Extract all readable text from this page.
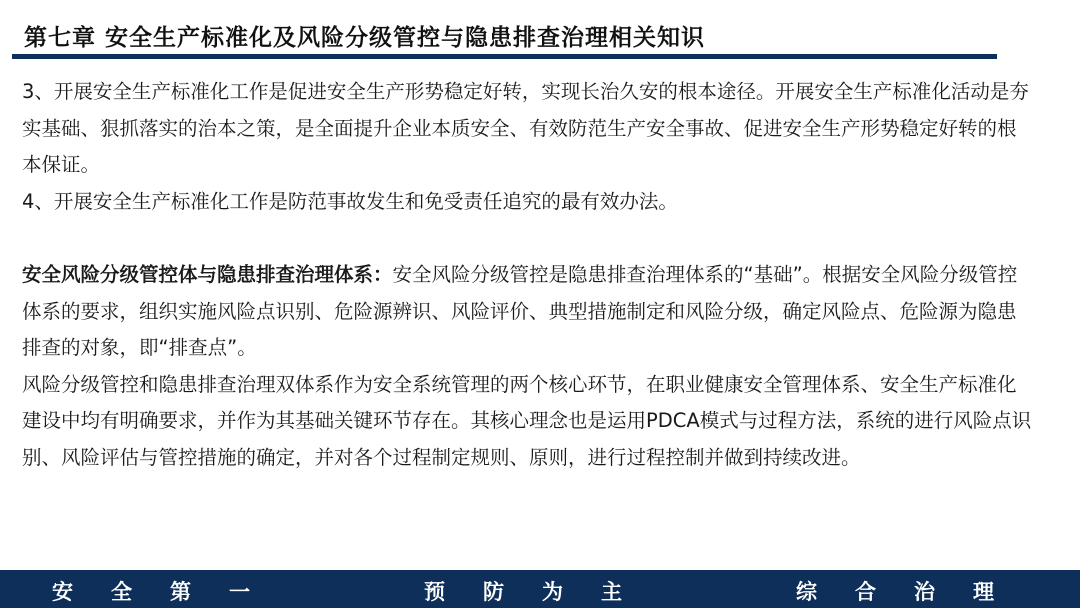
第七章 安全生产标准化及风险分级管控与隐患排查治理相关知识

3、开展安全生产标准化工作是促进安全生产形势稳定好转，实现长治久安的根本途径。开展安全生产标准化活动是夯实基础、狠抓落实的治本之策，是全面提升企业本质安全、有效防范生产安全事故、促进安全生产形势稳定好转的根本保证。

4、开展安全生产标准化工作是防范事故发生和免受责任追究的最有效办法。

安全风险分级管控体与隐患排查治理体系：安全风险分级管控是隐患排查治理体系的“基础”。根据安全风险分级管控体系的要求，组织实施风险点识别、危险源辨识、风险评价、典型措施制定和风险分级，确定风险点、危险源为隐患排查的对象，即“排查点”。

风险分级管控和隐患排查治理双体系作为安全系统管理的两个核心环节，在职业健康安全管理体系、安全生产标准化建设中均有明确要求，并作为其基础关键环节存在。其核心理念也是运用PDCA模式与过程方法，系统的进行风险点识别、风险评估与管控措施的确定，并对各个过程制定规则、原则，进行过程控制并做到持续改进。

安全第一	预防为主	综合治理
